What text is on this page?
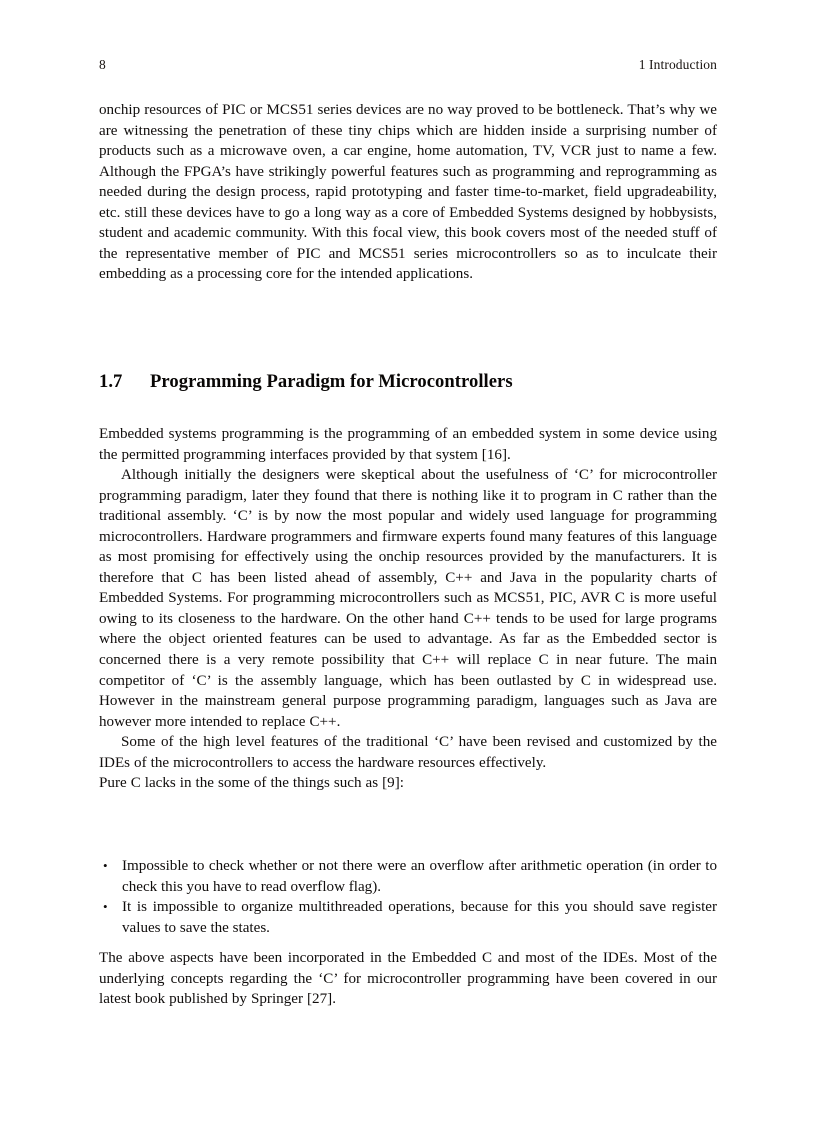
8	1 Introduction

onchip resources of PIC or MCS51 series devices are no way proved to be bottleneck. That’s why we are witnessing the penetration of these tiny chips which are hidden inside a surprising number of products such as a microwave oven, a car engine, home automation, TV, VCR just to name a few. Although the FPGA’s have strikingly powerful features such as programming and reprogramming as needed during the design process, rapid prototyping and faster time-to-market, field upgradeability, etc. still these devices have to go a long way as a core of Embedded Systems designed by hobbysists, student and academic community. With this focal view, this book covers most of the needed stuff of the representative member of PIC and MCS51 series microcontrollers so as to inculcate their embedding as a processing core for the intended applications.

1.7	Programming Paradigm for Microcontrollers

Embedded systems programming is the programming of an embedded system in some device using the permitted programming interfaces provided by that system [16].

Although initially the designers were skeptical about the usefulness of ‘C’ for microcontroller programming paradigm, later they found that there is nothing like it to program in C rather than the traditional assembly. ‘C’ is by now the most popular and widely used language for programming microcontrollers. Hardware programmers and firmware experts found many features of this language as most promising for effectively using the onchip resources provided by the manufacturers. It is therefore that C has been listed ahead of assembly, C++ and Java in the popularity charts of Embedded Systems. For programming microcontrollers such as MCS51, PIC, AVR C is more useful owing to its closeness to the hardware. On the other hand C++ tends to be used for large programs where the object oriented features can be used to advantage. As far as the Embedded sector is concerned there is a very remote possibility that C++ will replace C in near future. The main competitor of ‘C’ is the assembly language, which has been outlasted by C in widespread use. However in the mainstream general purpose programming paradigm, languages such as Java are however more intended to replace C++.

Some of the high level features of the traditional ‘C’ have been revised and customized by the IDEs of the microcontrollers to access the hardware resources effectively.

Pure C lacks in the some of the things such as [9]:

• Impossible to check whether or not there were an overflow after arithmetic operation (in order to check this you have to read overflow flag).
• It is impossible to organize multithreaded operations, because for this you should save register values to save the states.

The above aspects have been incorporated in the Embedded C and most of the IDEs. Most of the underlying concepts regarding the ‘C’ for microcontroller programming have been covered in our latest book published by Springer [27].
